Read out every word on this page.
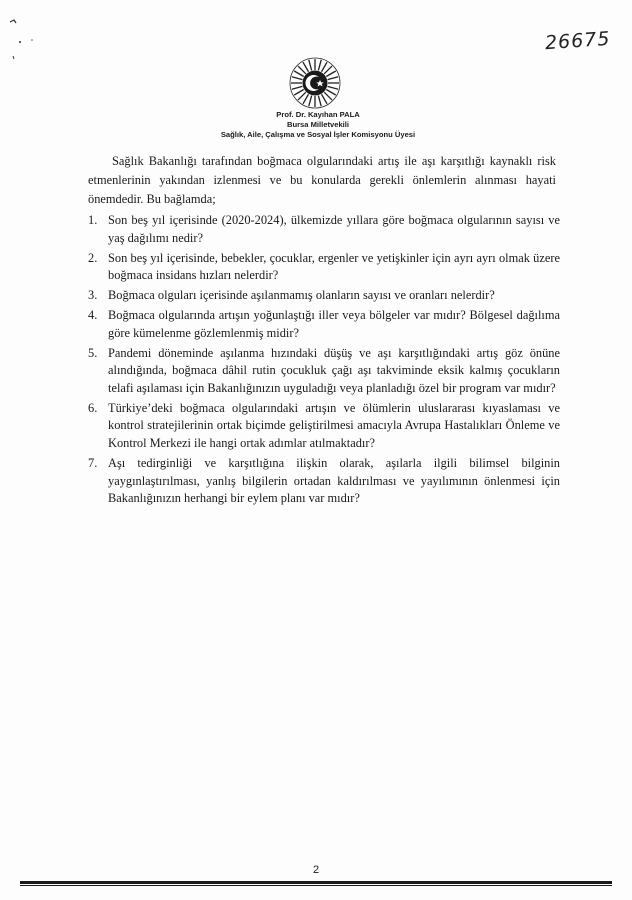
26675
Prof. Dr. Kayıhan PALA
Bursa Milletvekili
Sağlık, Aile, Çalışma ve Sosyal İşler Komisyonu Üyesi

Sağlık Bakanlığı tarafından boğmaca olgularındaki artış ile aşı karşıtlığı kaynaklı risk etmenlerinin yakından izlenmesi ve bu konularda gerekli önlemlerin alınması hayati önemdedir. Bu bağlamda;

1. Son beş yıl içerisinde (2020-2024), ülkemizde yıllara göre boğmaca olgularının sayısı ve yaş dağılımı nedir?
2. Son beş yıl içerisinde, bebekler, çocuklar, ergenler ve yetişkinler için ayrı ayrı olmak üzere boğmaca insidans hızları nelerdir?
3. Boğmaca olguları içerisinde aşılanmamış olanların sayısı ve oranları nelerdir?
4. Boğmaca olgularında artışın yoğunlaştığı iller veya bölgeler var mıdır? Bölgesel dağılıma göre kümelenme gözlemlenmiş midir?
5. Pandemi döneminde aşılanma hızındaki düşüş ve aşı karşıtlığındaki artış göz önüne alındığında, boğmaca dâhil rutin çocukluk çağı aşı takviminde eksik kalmış çocukların telafi aşılaması için Bakanlığınızın uyguladığı veya planladığı özel bir program var mıdır?
6. Türkiye’deki boğmaca olgularındaki artışın ve ölümlerin uluslararası kıyaslaması ve kontrol stratejilerinin ortak biçimde geliştirilmesi amacıyla Avrupa Hastalıkları Önleme ve Kontrol Merkezi ile hangi ortak adımlar atılmaktadır?
7. Aşı tedirginliği ve karşıtlığına ilişkin olarak, aşılarla ilgili bilimsel bilginin yaygınlaştırılması, yanlış bilgilerin ortadan kaldırılması ve yayılımının önlenmesi için Bakanlığınızın herhangi bir eylem planı var mıdır?
2
